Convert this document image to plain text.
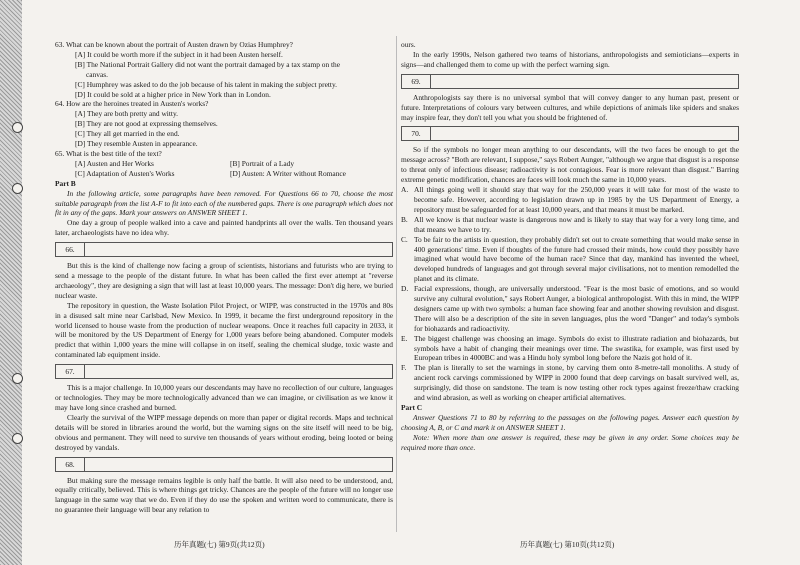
63. What can be known about the portrait of Austen drawn by Ozias Humphrey?

[A] It could be worth more if the subject in it had been Austen herself.

[B] The National Portrait Gallery did not want the portrait damaged by a tax stamp on the

canvas.

[C] Humphrey was asked to do the job because of his talent in making the subject pretty.

[D] It could be sold at a higher price in New York than in London.

64. How are the heroines treated in Austen's works?

[A] They are both pretty and witty.

[B] They are not good at expressing themselves.

[C] They all get married in the end.

[D] They resemble Austen in appearance.

65. What is the best title of the text?

[A] Austen and Her Works	[B] Portrait of a Lady
[C] Adaptation of Austen's Works	[D] Austen: A Writer without Romance

Part B

In the following article, some paragraphs have been removed. For Questions 66 to 70, choose the most suitable paragraph from the list A-F to fit into each of the numbered gaps. There is one paragraph which does not fit in any of the gaps. Mark your answers on ANSWER SHEET 1.

One day a group of people walked into a cave and painted handprints all over the walls. Ten thousand years later, archaeologists have no idea why.

66.

But this is the kind of challenge now facing a group of scientists, historians and futurists who are trying to send a message to the people of the distant future. In what has been called the first ever attempt at "reverse archaeology", they are designing a sign that will last at least 10,000 years. The message: Don't dig here, we buried nuclear waste.

The repository in question, the Waste Isolation Pilot Project, or WIPP, was constructed in the 1970s and 80s in a disused salt mine near Carlsbad, New Mexico. In 1999, it became the first underground repository in the world licensed to house waste from the production of nuclear weapons. Once it reaches full capacity in 2033, it will be monitored by the US Department of Energy for 1,000 years before being abandoned. Computer models predict that within 1,000 years the mine will collapse in on itself, sealing the chemical sludge, toxic waste and contaminated lab equipment inside.

67.

This is a major challenge. In 10,000 years our descendants may have no recollection of our culture, languages or technologies. They may be more technologically advanced than we can imagine, or civilisation as we know it may have long since crashed and burned.

Clearly the survival of the WIPP message depends on more than paper or digital records. Maps and technical details will be stored in libraries around the world, but the warning signs on the site itself will need to be big, obvious and permanent. They will need to survive ten thousands of years without eroding, being looted or being destroyed by vandals.

68.

But making sure the message remains legible is only half the battle. It will also need to be understood, and, equally critically, believed. This is where things get tricky. Chances are the people of the future will no longer use language in the same way that we do. Even if they do use the spoken and written word to communicate, there is no guarantee their language will bear any relation to

ours.

In the early 1990s, Nelson gathered two teams of historians, anthropologists and semioticians—experts in signs—and challenged them to come up with the perfect warning sign.

69.

Anthropologists say there is no universal symbol that will convey danger to any human past, present or future. Interpretations of colours vary between cultures, and while depictions of animals like spiders and snakes may inspire fear, they don't tell you what you should be frightened of.

70.

So if the symbols no longer mean anything to our descendants, will the two faces be enough to get the message across? "Both are relevant, I suppose," says Robert Aunger, "although we argue that disgust is a response to threat only of infectious disease; radioactivity is not contagious. Fear is more relevant than disgust." Barring extreme genetic modification, chances are faces will look much the same in 10,000 years.

A. All things going well it should stay that way for the 250,000 years it will take for most of the waste to become safe. However, according to legislation drawn up in 1985 by the US Department of Energy, a repository must be safeguarded for at least 10,000 years, and that means it must be marked.
B. All we know is that nuclear waste is dangerous now and is likely to stay that way for a very long time, and that means we have to try.
C. To be fair to the artists in question, they probably didn't set out to create something that would make sense in 400 generations' time. Even if thoughts of the future had crossed their minds, how could they possibly have imagined what would have become of the human race? Since that day, mankind has invented the wheel, developed hundreds of languages and got through several major civilisations, not to mention remodelled the planet and its climate.
D. Facial expressions, though, are universally understood. "Fear is the most basic of emotions, and so would survive any cultural evolution," says Robert Aunger, a biological anthropologist. With this in mind, the WIPP designers came up with two symbols: a human face showing fear and another showing revulsion and disgust. There will also be a description of the site in seven languages, plus the word "Danger" and today's symbols for biohazards and radioactivity.
E. The biggest challenge was choosing an image. Symbols do exist to illustrate radiation and biohazards, but symbols have a habit of changing their meanings over time. The swastika, for example, was first used by European tribes in 4000BC and was a Hindu holy symbol long before the Nazis got hold of it.
F.	The plan is literally to set the warnings in stone, by carving them onto 8-metre-tall monoliths. A study of ancient rock carvings commissioned by WIPP in 2000 found that deep carvings on basalt survived well, as, surprisingly, did those on sandstone. The team is now testing other rock types against freeze/thaw cracking and wind abrasion, as well as working on cheaper artificial alternatives.

Part C

Answer Questions 71 to 80 by referring to the passages on the following pages. Answer each question by choosing A, B, or C and mark it on ANSWER SHEET 1.

Note: When more than one answer is required, these may be given in any order. Some choices may be required more than once.

历年真题(七) 第9页(共12页)	历年真题(七) 第10页(共12页)
